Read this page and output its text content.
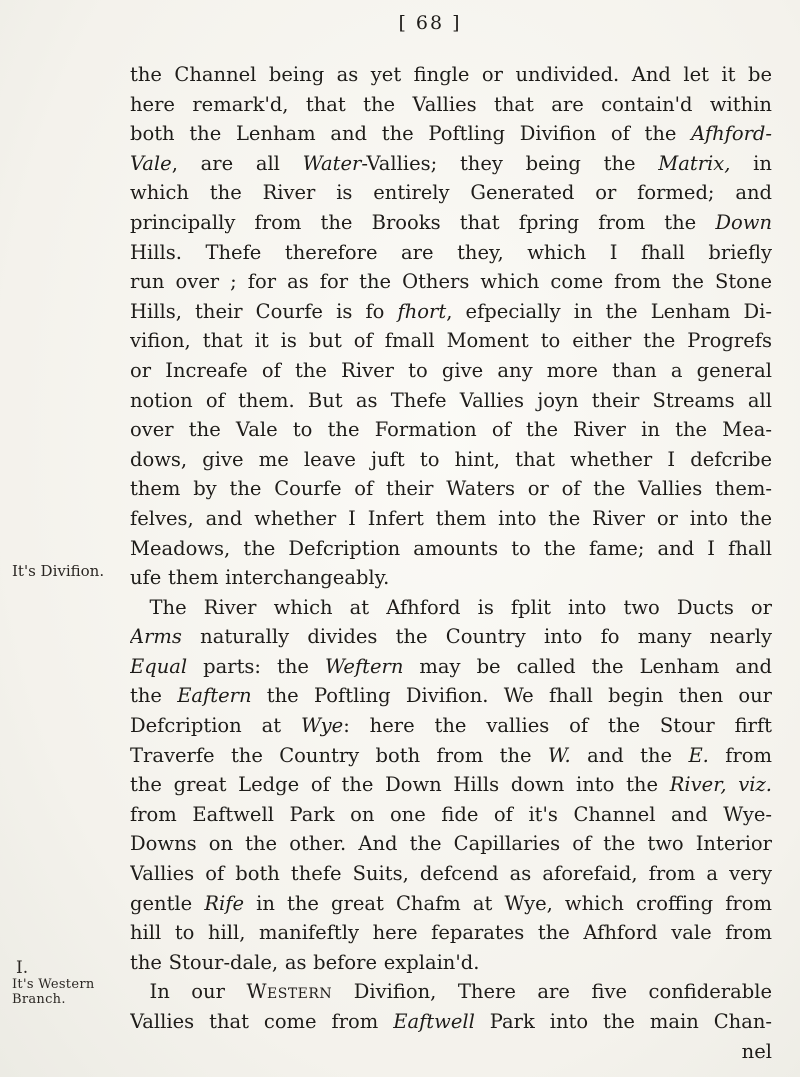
[ 68 ]
It's Divifion.
I.
It's Western
Branch.
the Channel being as yet fingle or undivided. And let it be
here remark'd, that the Vallies that are contain'd within
both the Lenham and the Poftling Divifion of the Afhford-
Vale, are all Water-Vallies; they being the Matrix, in
which the River is entirely Generated or formed; and
principally from the Brooks that fpring from the Down
Hills. Thefe therefore are they, which I fhall briefly
run over ; for as for the Others which come from the Stone
Hills, their Courfe is fo fhort, efpecially in the Lenham Di-
vifion, that it is but of fmall Moment to either the Progrefs
or Increafe of the River to give any more than a general
notion of them. But as Thefe Vallies joyn their Streams all
over the Vale to the Formation of the River in the Mea-
dows, give me leave juft to hint, that whether I defcribe
them by the Courfe of their Waters or of the Vallies them-
felves, and whether I Infert them into the River or into the
Meadows, the Defcription amounts to the fame; and I fhall
ufe them interchangeably.
 The River which at Afhford is fplit into two Ducts or
Arms naturally divides the Country into fo many nearly
Equal parts: the Weftern may be called the Lenham and
the Eaftern the Poftling Divifion. We fhall begin then our
Defcription at Wye: here the vallies of the Stour firft
Traverfe the Country both from the W. and the E. from
the great Ledge of the Down Hills down into the River, viz.
from Eaftwell Park on one fide of it's Channel and Wye-
Downs on the other. And the Capillaries of the two Interior
Vallies of both thefe Suits, defcend as aforefaid, from a very
gentle Rife in the great Chafm at Wye, which croffing from
hill to hill, manifeftly here feparates the Afhford vale from
the Stour-dale, as before explain'd.
 In our Western Divifion, There are five confiderable
Vallies that come from Eaftwell Park into the main Chan-
nel
